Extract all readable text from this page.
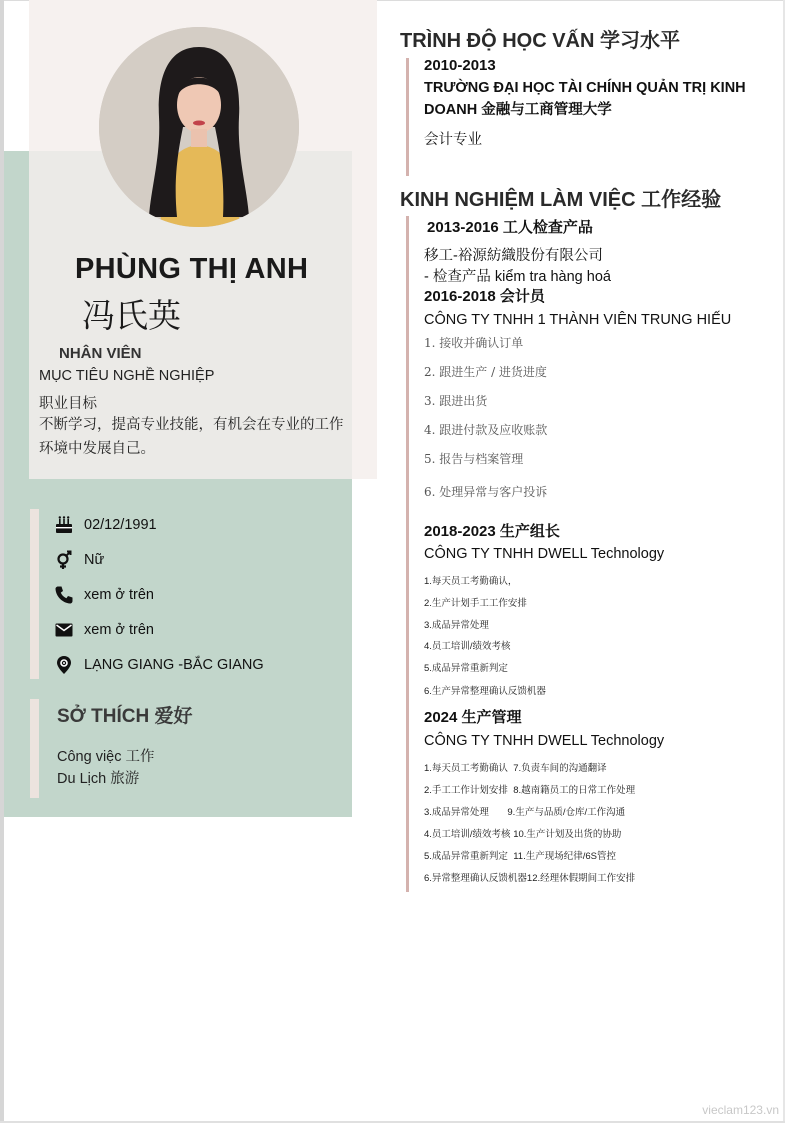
PHÙNG THỊ ANH
冯氏英
NHÂN VIÊN
MỤC TIÊU NGHỀ NGHIỆP
职业目标
不断学习，提高专业技能，有机会在专业的工作环境中发展自己。
02/12/1991
Nữ
xem ở trên
xem ở trên
LẠNG GIANG -BẮC GIANG
SỞ THÍCH 爱好
Công việc 工作
Du Lịch 旅游
TRÌNH ĐỘ HỌC VẤN 学习水平
2010-2013
TRƯỜNG ĐẠI HỌC TÀI CHÍNH QUẢN TRỊ KINH DOANH 金融与工商管理大学
会计专业
KINH NGHIỆM LÀM VIỆC 工作经验
2013-2016 工人检查产品
移工-裕源紡織股份有限公司
- 检查产品 kiểm tra hàng hoá
2016-2018 会计员
CÔNG TY TNHH 1 THÀNH VIÊN TRUNG HIẾU
1. 接收并确认订单
2. 跟进生产 / 进货进度
3. 跟进出货
4. 跟进付款及应收账款
5. 报告与档案管理
6. 处理异常与客户投诉
2018-2023 生产组长
CÔNG TY TNHH DWELL Technology
1.每天员工考勤确认，
2.生产计划手工工作安排
3.成品异常处理
4.员工培训/绩效考核
5.成品异常重新判定
6.生产异常整理确认反馈机器
2024 生产管理
CÔNG TY TNHH DWELL Technology
1.每天员工考勤确认  7.负责车间的沟通翻译
2.手工工作计划安排  8.越南籍员工的日常工作处理
3.成品异常处理       9.生产与品质/仓库/工作沟通
4.员工培训/绩效考核 10.生产计划及出货的协助
5.成品异常重新判定  11.生产现场纪律/6S管控
6.异常整理确认反馈机器12.经理休假期间工作安排
vieclam123.vn
